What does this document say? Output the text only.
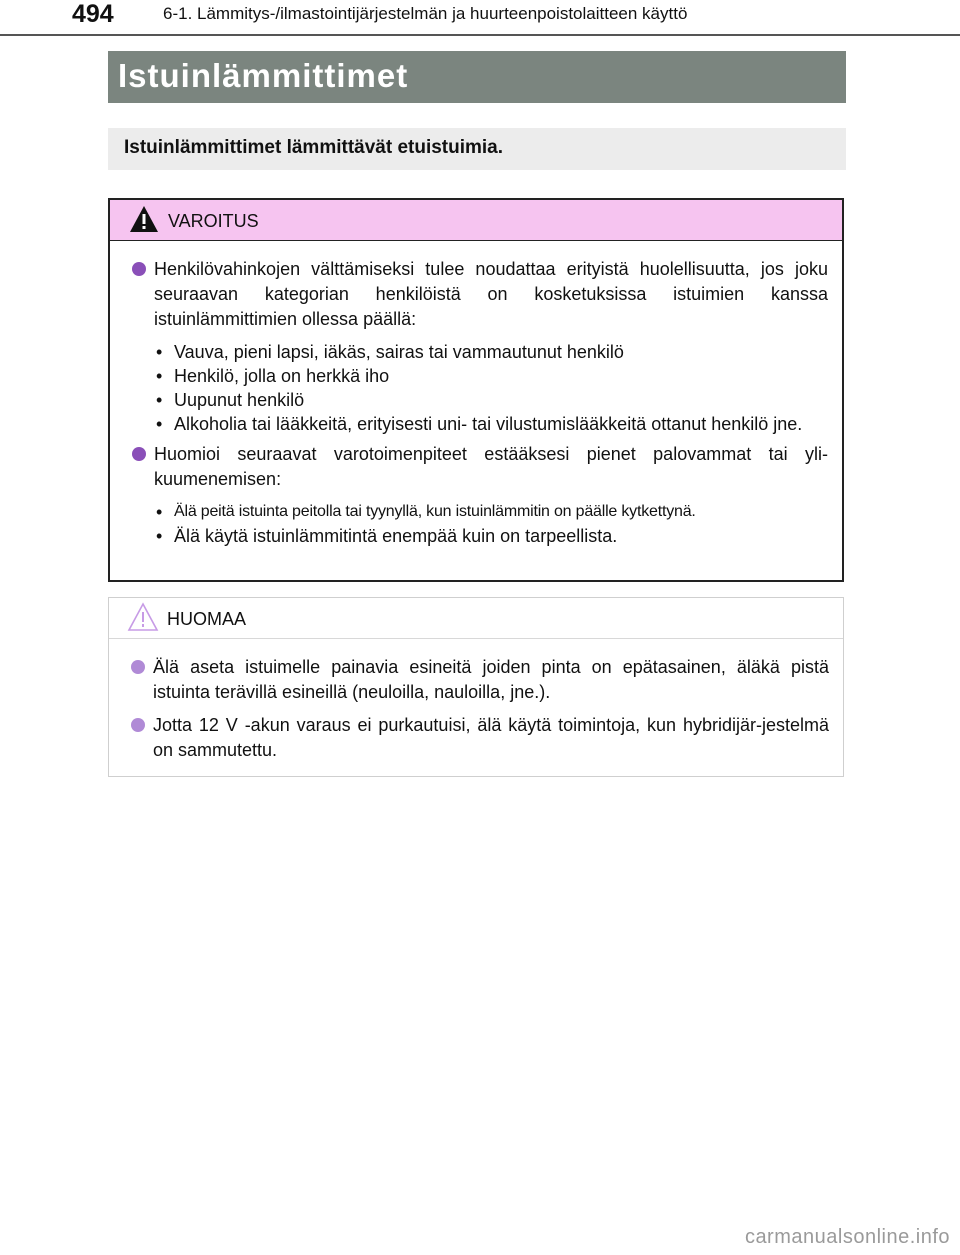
494	6-1. Lämmitys-/ilmastointijärjestelmän ja huurteenpoistolaitteen käyttö
Istuinlämmittimet

Istuinlämmittimet lämmittävät etuistuimia.

VAROITUS

Henkilövahinkojen välttämiseksi tulee noudattaa erityistä huolellisuutta, jos joku seuraavan kategorian henkilöistä on kosketuksissa istuimien kanssa istuinlämmittimien ollessa päällä:

• Vauva, pieni lapsi, iäkäs, sairas tai vammautunut henkilö
• Henkilö, jolla on herkkä iho
• Uupunut henkilö
• Alkoholia tai lääkkeitä, erityisesti uni- tai vilustumislääkkeitä ottanut henkilö jne.

Huomioi seuraavat varotoimenpiteet estääksesi pienet palovammat tai yli-kuumenemisen:

• Älä peitä istuinta peitolla tai tyynyllä, kun istuinlämmitin on päälle kytkettynä.
• Älä käytä istuinlämmitintä enempää kuin on tarpeellista.
HUOMAA

Älä aseta istuimelle painavia esineitä joiden pinta on epätasainen, äläkä pistä istuinta terävillä esineillä (neuloilla, nauloilla, jne.).

Jotta 12 V -akun varaus ei purkautuisi, älä käytä toimintoja, kun hybridijär-jestelmä on sammutettu.

carmanualsonline.info
